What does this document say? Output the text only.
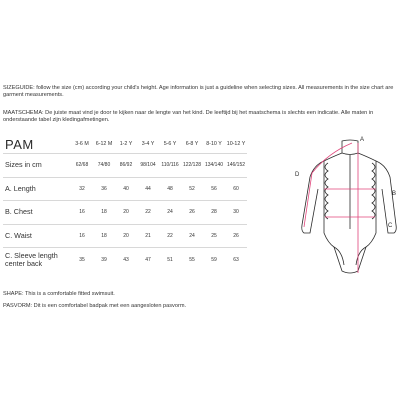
SIZEGUIDE: follow the size (cm) according your child's height. Age information is just a guideline when selecting sizes. All measurements in the size chart are garment measurements.
MAATSCHEMA: De juiste maat vind je door te kijken naar de lengte van het kind. De leeftijd bij het maatschema is slechts een indicatie. Alle maten in onderstaande tabel zijn kledingafmetingen.
PAM	3-6 M	6-12 M	1-2 Y	3-4 Y	5-6 Y	6-8 Y	8-10 Y	10-12 Y
Sizes in cm	62/68	74/80	86/92	98/104	110/116	122/128	134/140	146/152
A. Length	32	36	40	44	48	52	56	60
B. Chest	16	18	20	22	24	26	28	30
C. Waist	16	18	20	21	22	24	25	26
C. Sleeve length center back	35	39	43	47	51	55	59	63
A
B
C
D
SHAPE: This is a comfortable fitted swimsuit.
PASVORM: Dit is een comfortabel badpak met een aangesloten pasvorm.
